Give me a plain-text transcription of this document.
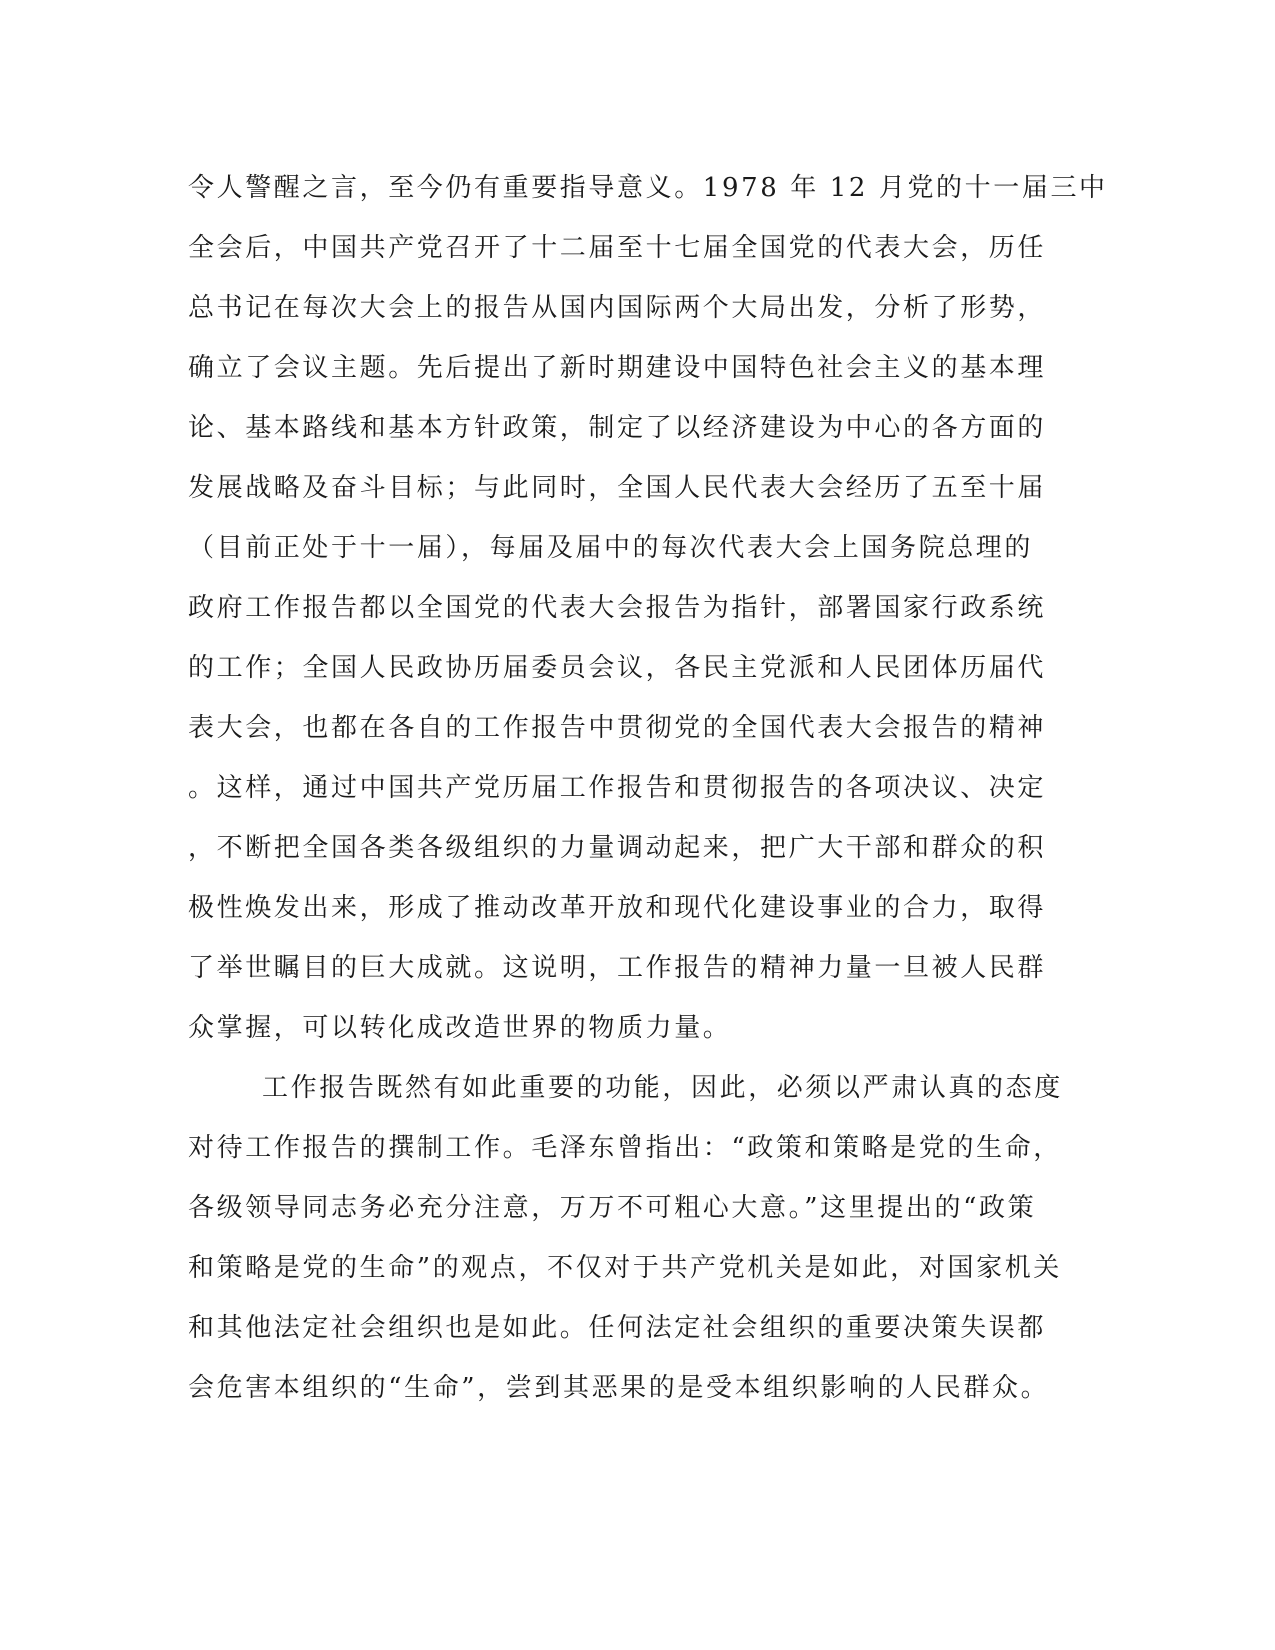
令人警醒之言，至今仍有重要指导意义。1978 年 12 月党的十一届三中
全会后，中国共产党召开了十二届至十七届全国党的代表大会，历任
总书记在每次大会上的报告从国内国际两个大局出发，分析了形势，
确立了会议主题。先后提出了新时期建设中国特色社会主义的基本理
论、基本路线和基本方针政策，制定了以经济建设为中心的各方面的
发展战略及奋斗目标；与此同时，全国人民代表大会经历了五至十届
（目前正处于十一届），每届及届中的每次代表大会上国务院总理的
政府工作报告都以全国党的代表大会报告为指针，部署国家行政系统
的工作；全国人民政协历届委员会议，各民主党派和人民团体历届代
表大会，也都在各自的工作报告中贯彻党的全国代表大会报告的精神
。这样，通过中国共产党历届工作报告和贯彻报告的各项决议、决定
，不断把全国各类各级组织的力量调动起来，把广大干部和群众的积
极性焕发出来，形成了推动改革开放和现代化建设事业的合力，取得
了举世瞩目的巨大成就。这说明，工作报告的精神力量一旦被人民群
众掌握，可以转化成改造世界的物质力量。
工作报告既然有如此重要的功能，因此，必须以严肃认真的态度
对待工作报告的撰制工作。毛泽东曾指出：“政策和策略是党的生命，
各级领导同志务必充分注意，万万不可粗心大意。”这里提出的“政策
和策略是党的生命”的观点，不仅对于共产党机关是如此，对国家机关
和其他法定社会组织也是如此。任何法定社会组织的重要决策失误都
会危害本组织的“生命”，尝到其恶果的是受本组织影响的人民群众。
